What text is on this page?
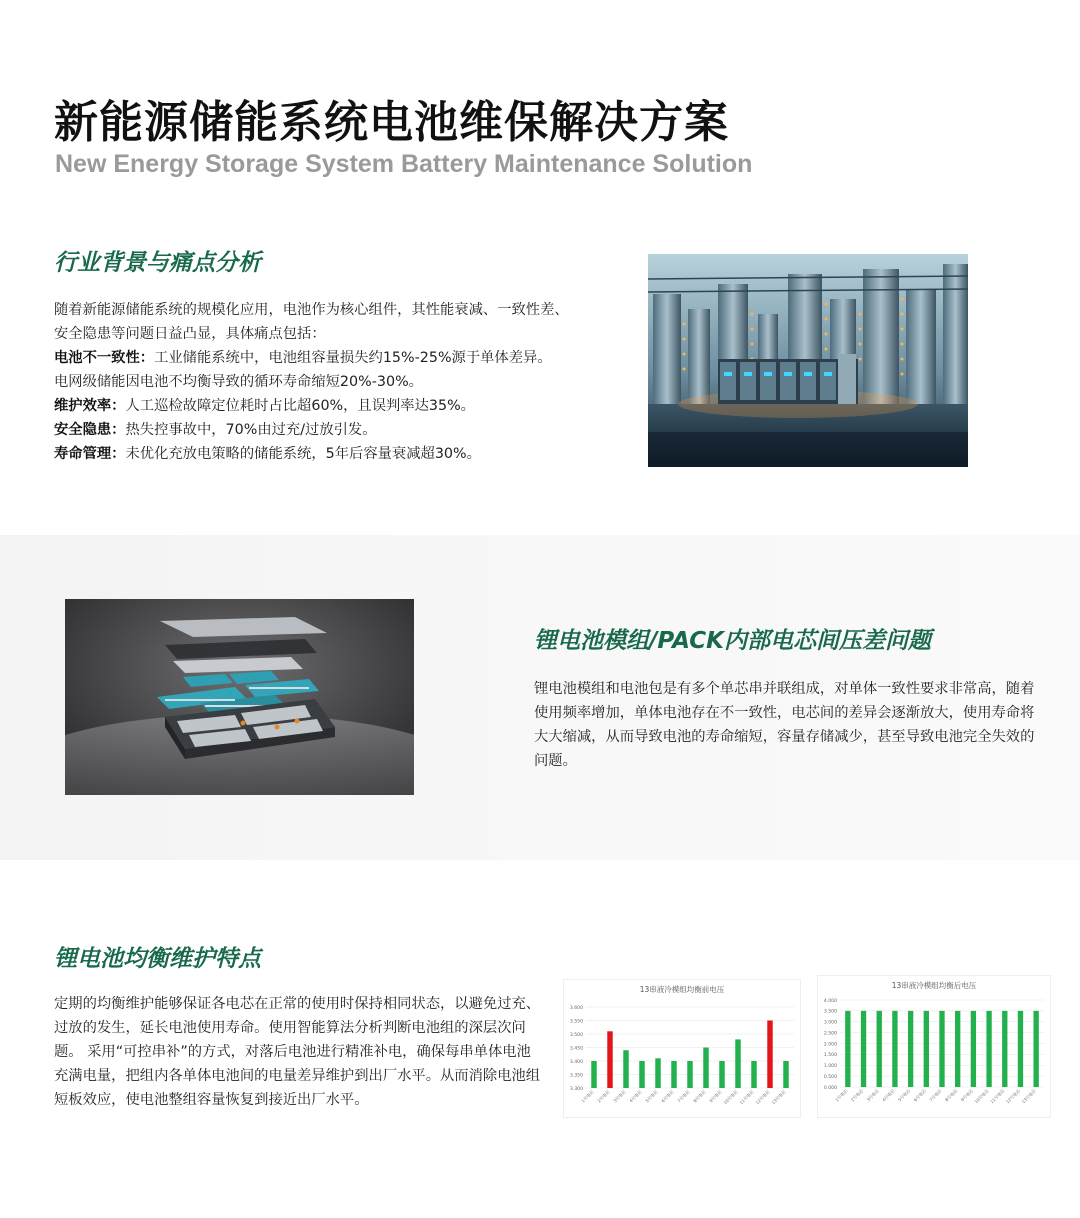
新能源储能系统电池维保解决方案
New Energy Storage System Battery Maintenance Solution
行业背景与痛点分析

随着新能源储能系统的规模化应用，电池作为核心组件，其性能衰减、一致性差、

安全隐患等问题日益凸显，具体痛点包括：

电池不一致性：工业储能系统中，电池组容量损失约15%-25%源于单体差异。

电网级储能因电池不均衡导致的循环寿命缩短20%-30%。

维护效率：人工巡检故障定位耗时占比超60%，且误判率达35%。

安全隐患：热失控事故中，70%由过充/过放引发。

寿命管理：未优化充放电策略的储能系统，5年后容量衰减超30%。

锂电池模组/PACK内部电芯间压差问题

锂电池模组和电池包是有多个单芯串并联组成，对单体一致性要求非常高，随着使用频率增加，单体电池存在不一致性，电芯间的差异会逐渐放大，使用寿命将大大缩减，从而导致电池的寿命缩短，容量存储减少，甚至导致电池完全失效的问题。

锂电池均衡维护特点

定期的均衡维护能够保证各电芯在正常的使用时保持相同状态，以避免过充、过放的发生，延长电池使用寿命。使用智能算法分析判断电池组的深层次问题。 采用“可控串补”的方式，对落后电池进行精准补电，确保每串单体电池充满电量，把组内各单体电池间的电量差异维护到出厂水平。从而消除电池组短板效应，使电池整组容量恢复到接近出厂水平。

13串液冷模组均衡前电压
3.300
3.350
3.400
3.450
3.500
3.550
3.600
1号电芯 2号电芯 3号电芯 4号电芯 5号电芯 6号电芯 7号电芯 8号电芯 9号电芯 10号电芯 11号电芯 12号电芯 13号电芯
13串液冷模组均衡后电压
0.000
0.500
1.000
1.500
2.000
2.500
3.000
3.500
4.000
1号电芯 2号电芯 3号电芯 4号电芯 5号电芯 6号电芯 7号电芯 8号电芯 9号电芯 10号电芯 11号电芯 12号电芯 13号电芯
